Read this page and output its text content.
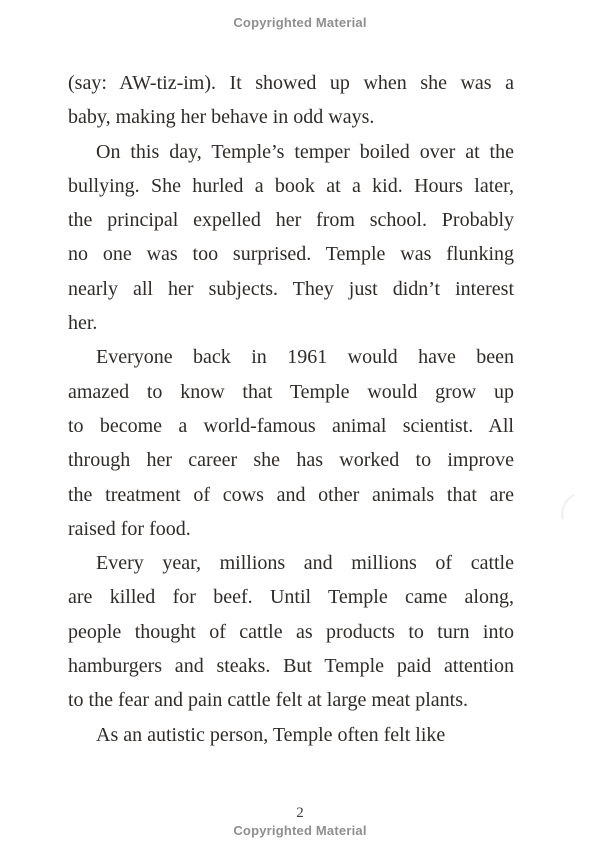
Copyrighted Material

(say: AW-tiz-im). It showed up when she was a
baby, making her behave in odd ways.

On this day, Temple’s temper boiled over at the
bullying. She hurled a book at a kid. Hours later,
the principal expelled her from school. Probably
no one was too surprised. Temple was flunking
nearly all her subjects. They just didn’t interest
her.

Everyone back in 1961 would have been
amazed to know that Temple would grow up
to become a world-famous animal scientist. All
through her career she has worked to improve
the treatment of cows and other animals that are
raised for food.

Every year, millions and millions of cattle
are killed for beef. Until Temple came along,
people thought of cattle as products to turn into
hamburgers and steaks. But Temple paid attention
to the fear and pain cattle felt at large meat plants.

As an autistic person, Temple often felt like

2
Copyrighted Material
